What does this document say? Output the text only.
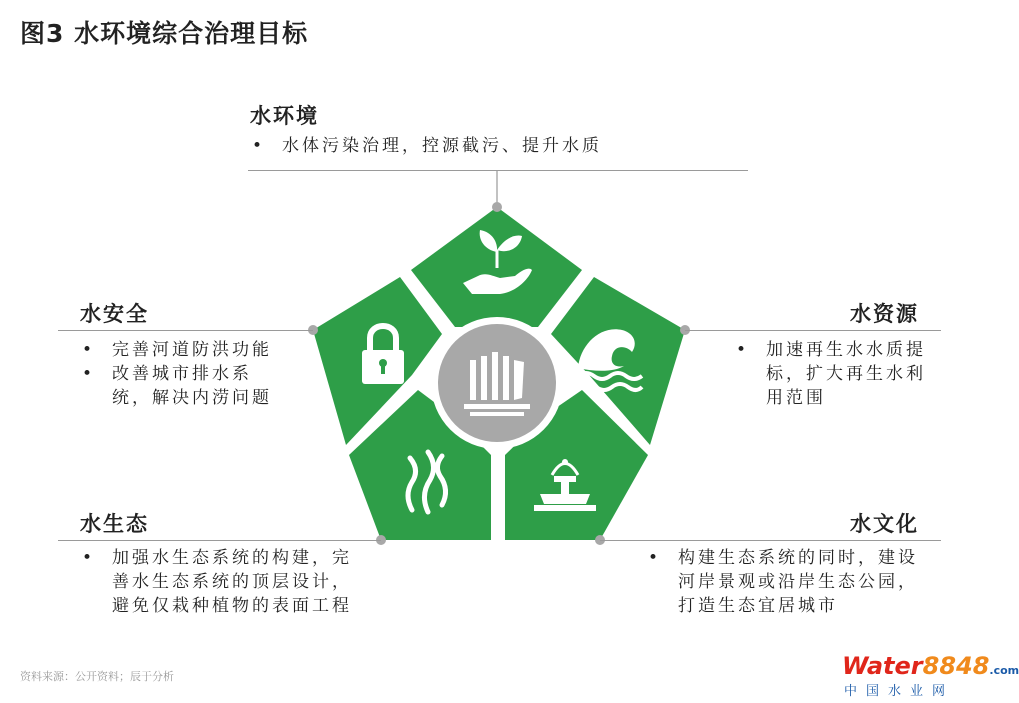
图3 水环境综合治理目标
水环境
• 水体污染治理，控源截污、提升水质
水安全
• 完善河道防洪功能
• 改善城市排水系统，解决内涝问题
水资源
• 加速再生水水质提标，扩大再生水利用范围
水生态
• 加强水生态系统的构建，完善水生态系统的顶层设计，避免仅栽种植物的表面工程
水文化
• 构建生态系统的同时，建设河岸景观或沿岸生态公园，打造生态宜居城市
资料来源：公开资料；辰于分析	Water8848.com
中国水业网
